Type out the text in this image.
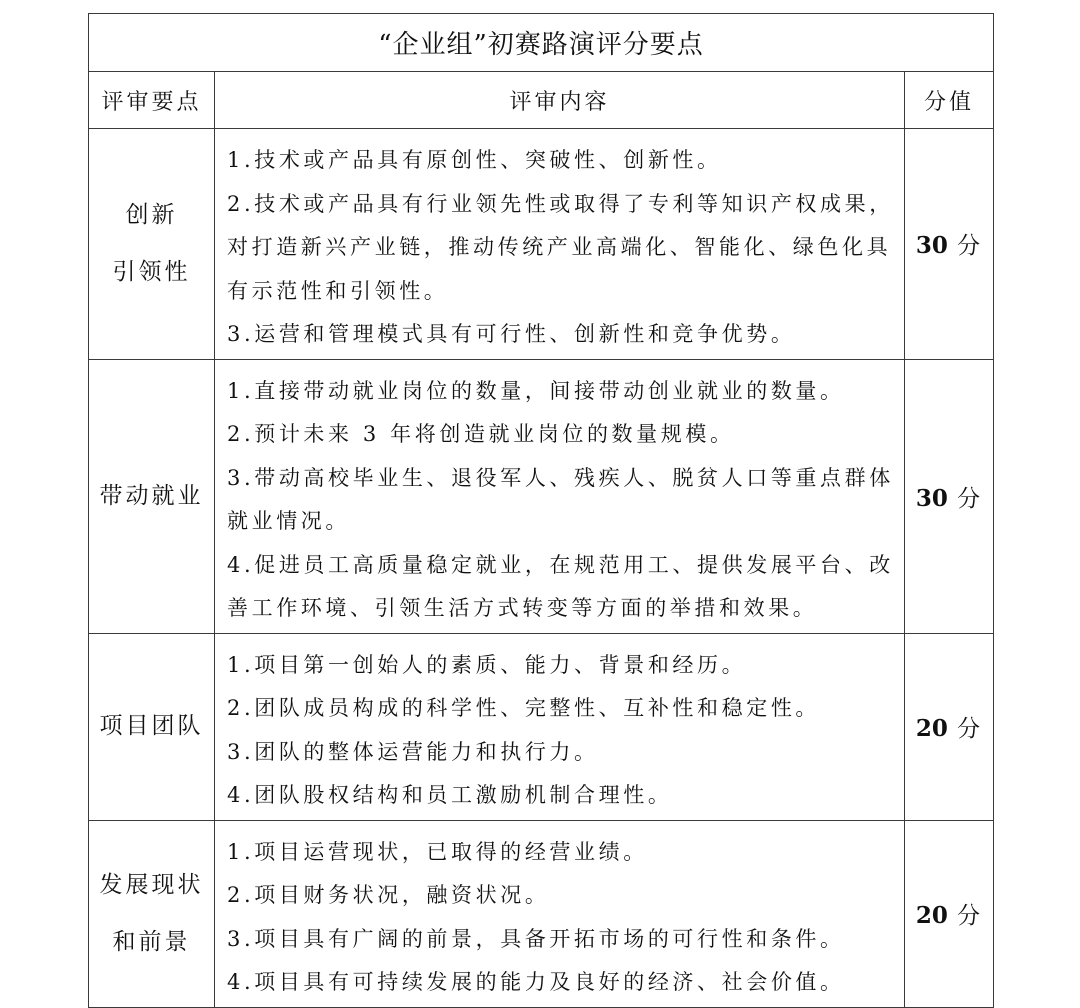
“企业组”初赛路演评分要点		
评审要点	评审内容	分值

创新
引领性	1.技术或产品具有原创性、突破性、创新性。
2.技术或产品具有行业领先性或取得了专利等知识产权成果，对打造新兴产业链，推动传统产业高端化、智能化、绿色化具有示范性和引领性。
3.运营和管理模式具有可行性、创新性和竞争优势。	30 分

带动就业	1.直接带动就业岗位的数量，间接带动创业就业的数量。
2.预计未来 3 年将创造就业岗位的数量规模。
3.带动高校毕业生、退役军人、残疾人、脱贫人口等重点群体就业情况。
4.促进员工高质量稳定就业，在规范用工、提供发展平台、改善工作环境、引领生活方式转变等方面的举措和效果。	30 分

项目团队	1.项目第一创始人的素质、能力、背景和经历。
2.团队成员构成的科学性、完整性、互补性和稳定性。
3.团队的整体运营能力和执行力。
4.团队股权结构和员工激励机制合理性。	20 分

发展现状
和前景	1.项目运营现状，已取得的经营业绩。
2.项目财务状况，融资状况。
3.项目具有广阔的前景，具备开拓市场的可行性和条件。
4.项目具有可持续发展的能力及良好的经济、社会价值。	20 分
